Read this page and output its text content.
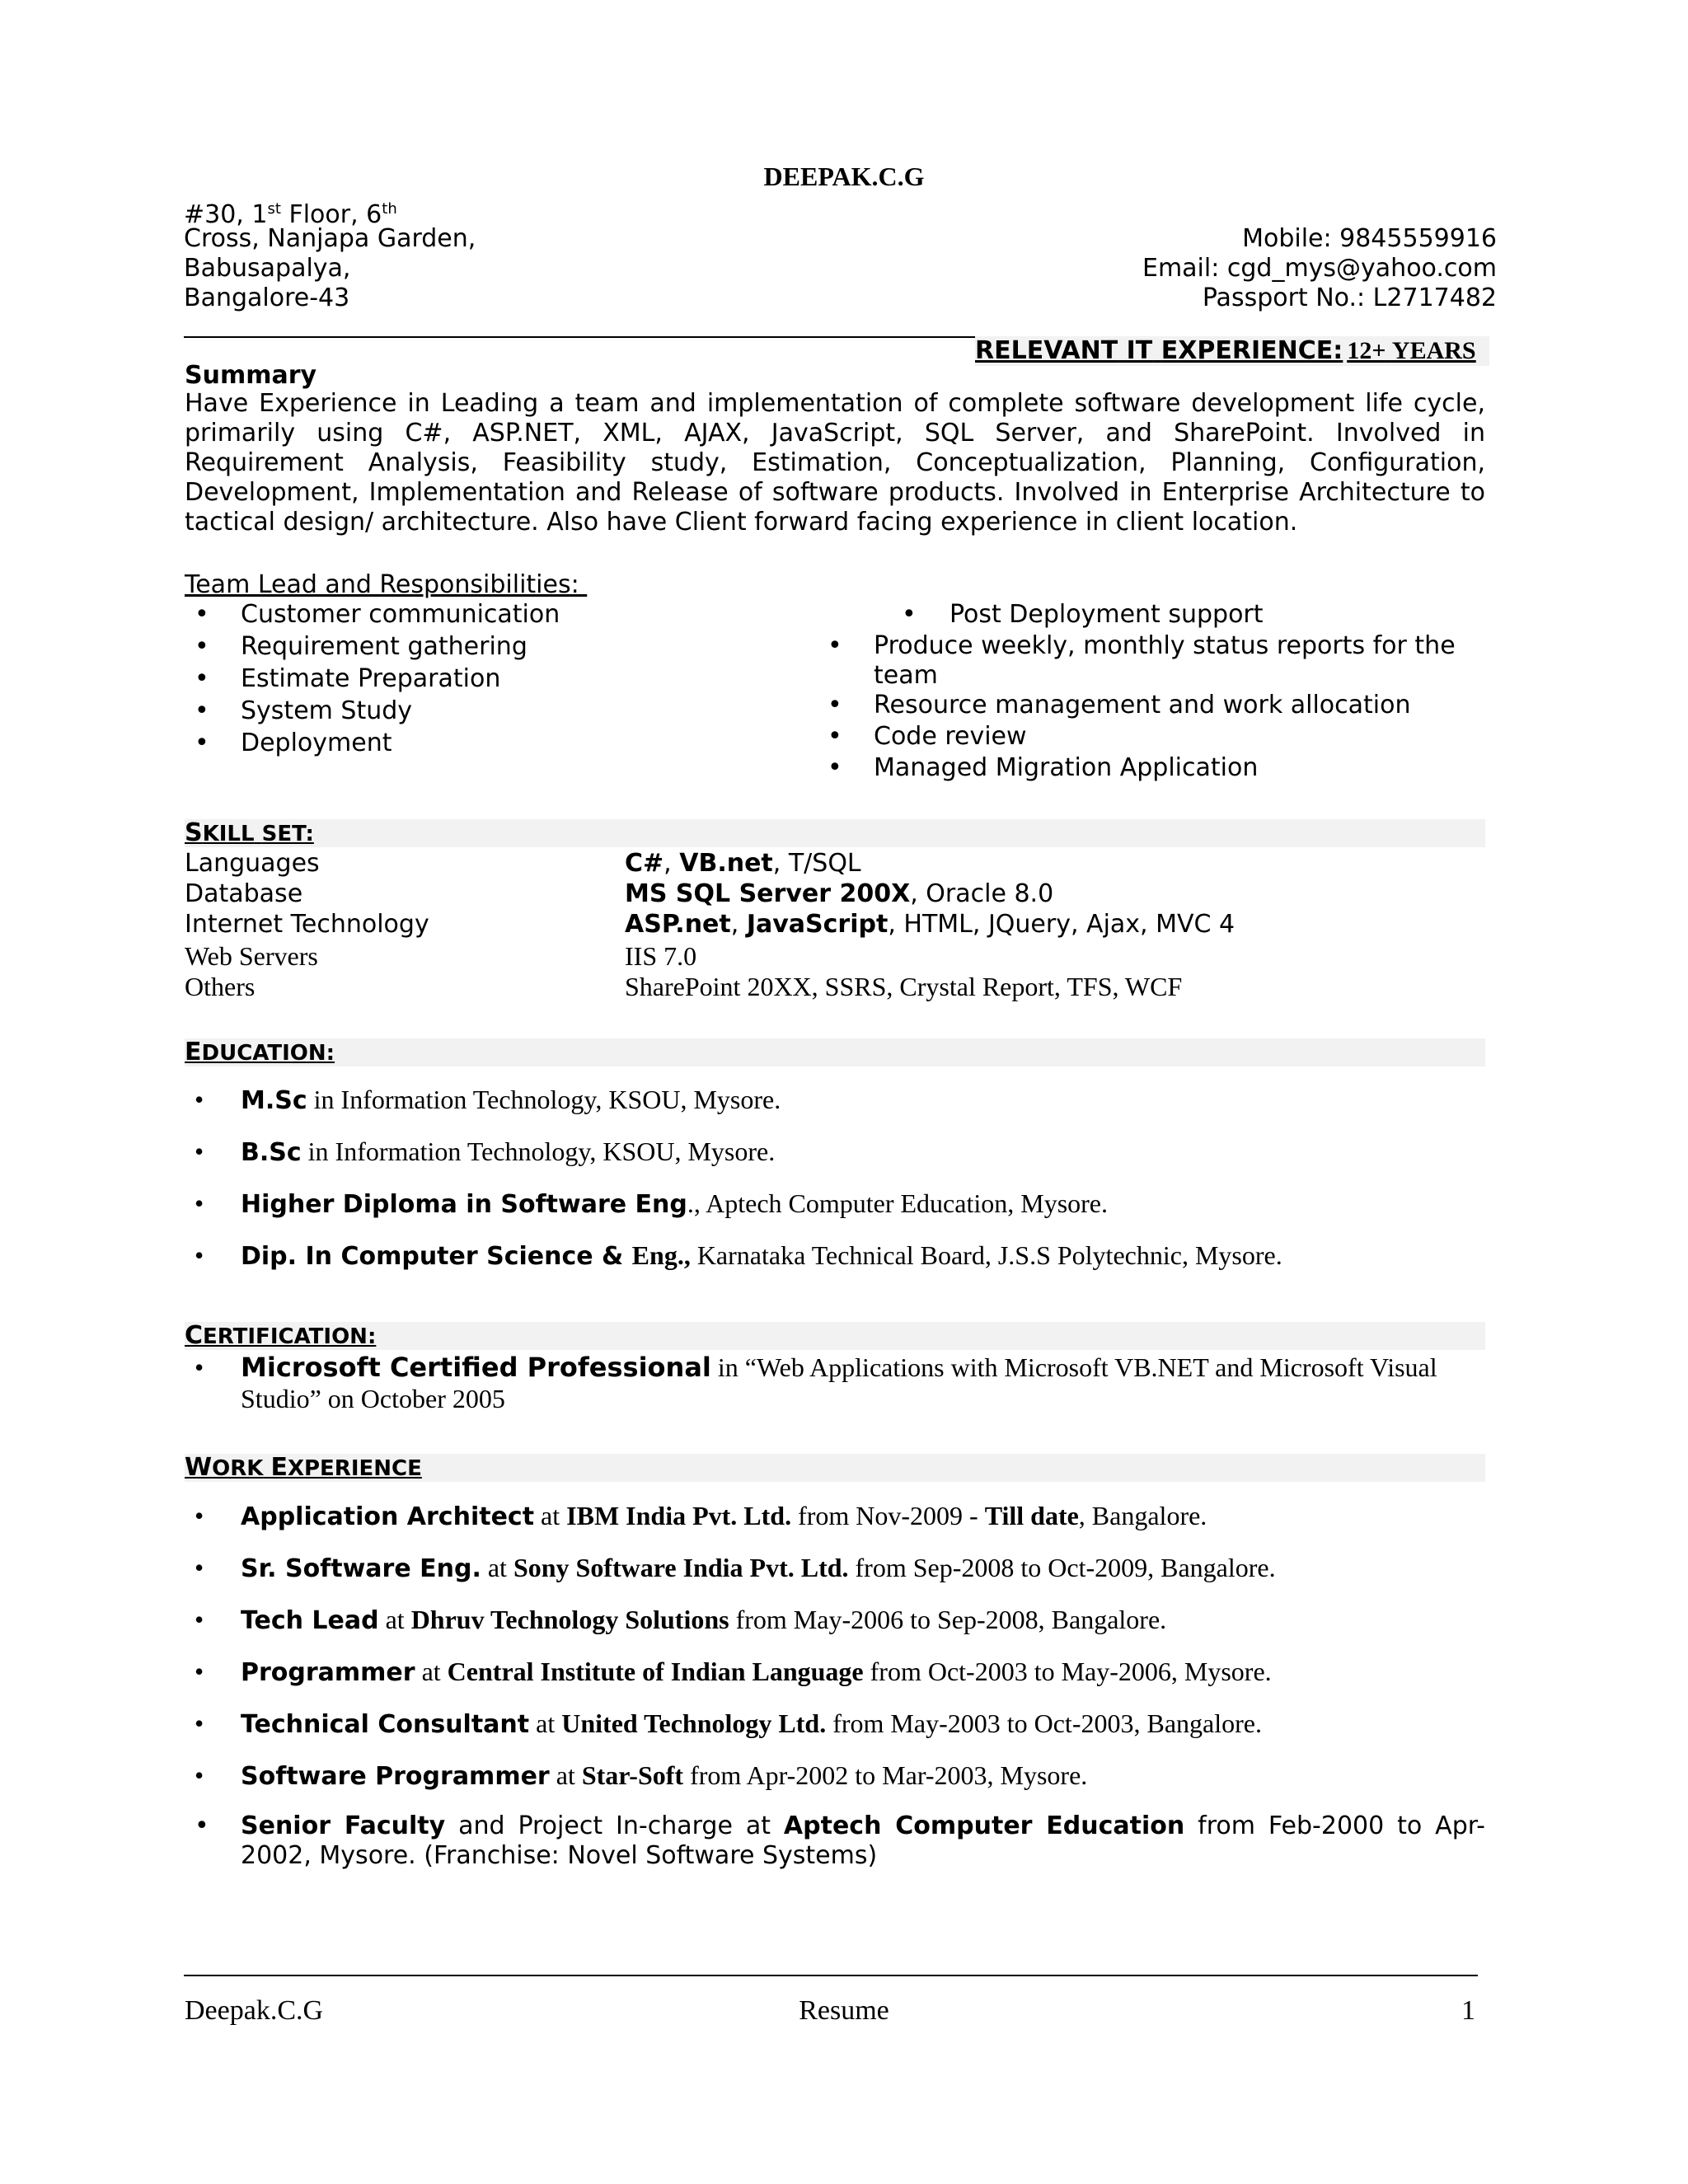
DEEPAK.C.G
#30, 1st Floor, 6th
Cross, Nanjapa Garden,
Babusapalya,
Bangalore-43
Mobile: 9845559916
Email: cgd_mys@yahoo.com
Passport No.: L2717482
RELEVANT IT EXPERIENCE: 12+ YEARS
Summary

Have Experience in Leading a team and implementation of complete software development life cycle, primarily using C#, ASP.NET, XML, AJAX, JavaScript, SQL Server, and SharePoint. Involved in Requirement Analysis, Feasibility study, Estimation, Conceptualization, Planning, Configuration, Development, Implementation and Release of software products. Involved in Enterprise Architecture to tactical design/ architecture. Also have Client forward facing experience in client location.

Team Lead and Responsibilities:
• Customer communication
• Requirement gathering
• Estimate Preparation
• System Study
• Deployment
• Post Deployment support
• Produce weekly, monthly status reports for the team
• Resource management and work allocation
• Code review
• Managed Migration Application
SKILL SET:
Languages	C#, VB.net, T/SQL
Database	MS SQL Server 200X, Oracle 8.0
Internet Technology	ASP.net, JavaScript, HTML, JQuery, Ajax, MVC 4
Web Servers	IIS 7.0
Others	SharePoint 20XX, SSRS, Crystal Report, TFS, WCF
EDUCATION:
• M.Sc in Information Technology, KSOU, Mysore.
• B.Sc in Information Technology, KSOU, Mysore.
• Higher Diploma in Software Eng., Aptech Computer Education, Mysore.
• Dip. In Computer Science & Eng., Karnataka Technical Board, J.S.S Polytechnic, Mysore.
CERTIFICATION:
• Microsoft Certified Professional in “Web Applications with Microsoft VB.NET and Microsoft Visual Studio” on October 2005
WORK EXPERIENCE
• Application Architect at IBM India Pvt. Ltd. from Nov-2009 - Till date, Bangalore.
• Sr. Software Eng. at Sony Software India Pvt. Ltd. from Sep-2008 to Oct-2009, Bangalore.
• Tech Lead at Dhruv Technology Solutions from May-2006 to Sep-2008, Bangalore.
• Programmer at Central Institute of Indian Language from Oct-2003 to May-2006, Mysore.
• Technical Consultant at United Technology Ltd. from May-2003 to Oct-2003, Bangalore.
• Software Programmer at Star-Soft from Apr-2002 to Mar-2003, Mysore.
• Senior Faculty and Project In-charge at Aptech Computer Education from Feb-2000 to Apr-2002, Mysore. (Franchise: Novel Software Systems)
Deepak.C.G	Resume	1
